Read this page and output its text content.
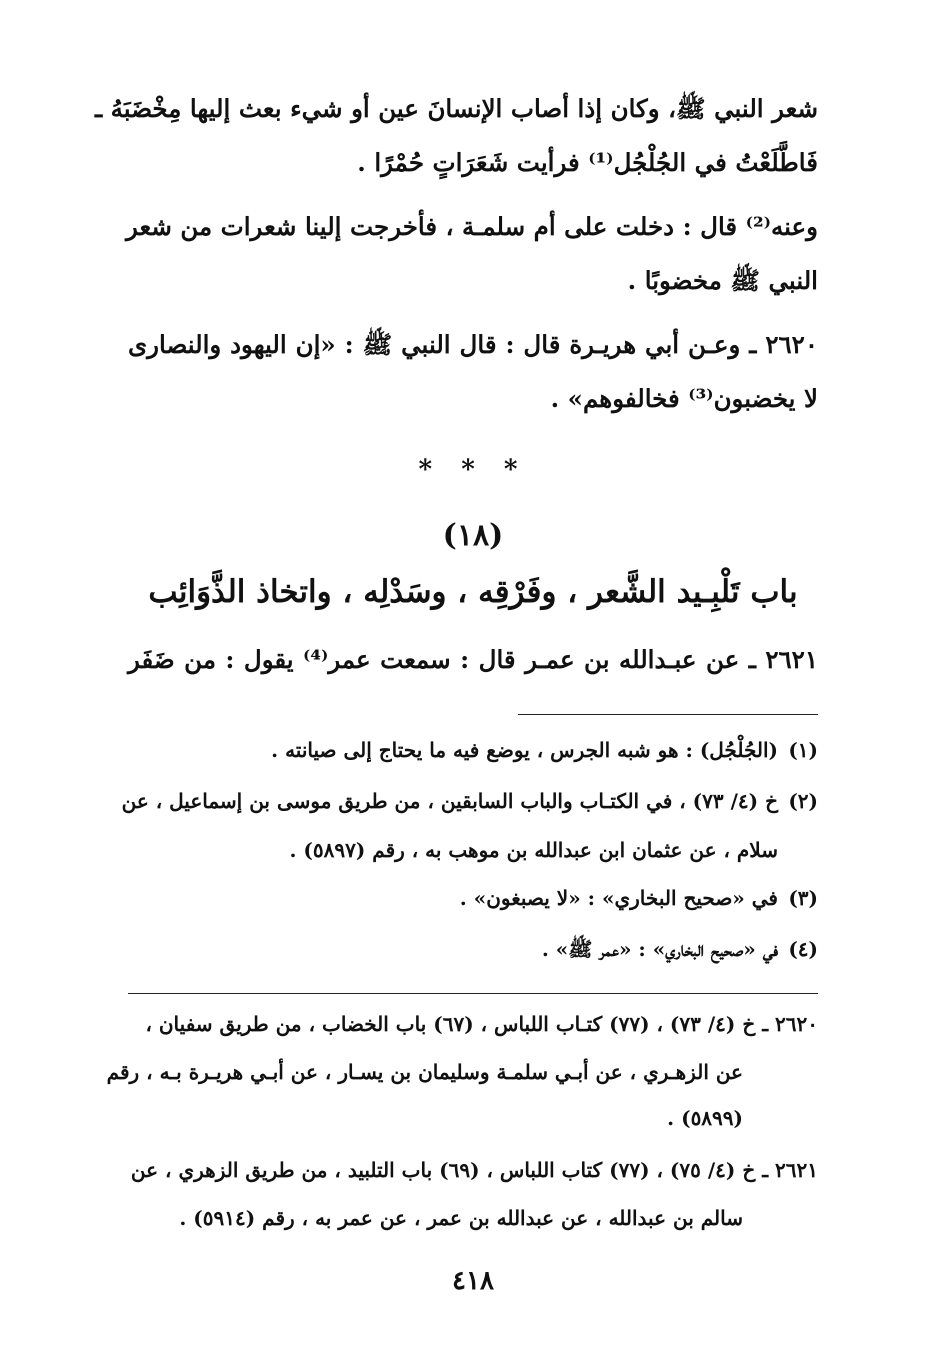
شعر النبي ﷺ، وكان إذا أصاب الإنسانَ عين أو شيء بعث إليها مِخْضَبَهُ ـ

فَاطَّلَعْتُ في الجُلْجُل⁽¹⁾ فرأيت شَعَرَاتٍ حُمْرًا .

وعنه⁽²⁾ قال : دخلت على أم سلمـة ، فأخرجت إلينا شعرات من شعر

النبي ﷺ مخضوبًا .

٢٦٢٠ ـ وعـن أبي هريـرة قال : قال النبي ﷺ : «إن اليهود والنصارى

لا يخضبون⁽³⁾ فخالفوهم» .

* * *

(١٨)

باب تَلْبِـيد الشَّعر ، وفَرْقِه ، وسَدْلِه ، واتخاذ الذَّوَائِب

٢٦٢١ ـ عن عبـدالله بن عمـر قال : سمعت عمر⁽⁴⁾ يقول : من ضَفَر

(١)(الجُلْجُل) : هو شبه الجرس ، يوضع فيه ما يحتاج إلى صيانته .

(٢)خ (٤/ ٧٣) ، في الكتـاب والباب السابقين ، من طريق موسى بن إسماعيل ، عن

سلام ، عن عثمان ابن عبدالله بن موهب به ، رقم (٥٨٩٧) .

(٣)في «صحيح البخاري» : «لا يصبغون» .

(٤)في «صحيح البخاري» : «عمر ﷺ» .

٢٦٢٠ ـ خ (٤/ ٧٣) ، (٧٧) كتـاب اللباس ، (٦٧) باب الخضاب ، من طريق سفيان ،

عن الزهـري ، عن أبـي سلمـة وسليمان بن يسـار ، عن أبـي هريـرة بـه ، رقم

(٥٨٩٩) .

٢٦٢١ ـ خ (٤/ ٧٥) ، (٧٧) كتاب اللباس ، (٦٩) باب التلبيد ، من طريق الزهري ، عن

سالم بن عبدالله ، عن عبدالله بن عمر ، عن عمر به ، رقم (٥٩١٤) .

٤١٨
